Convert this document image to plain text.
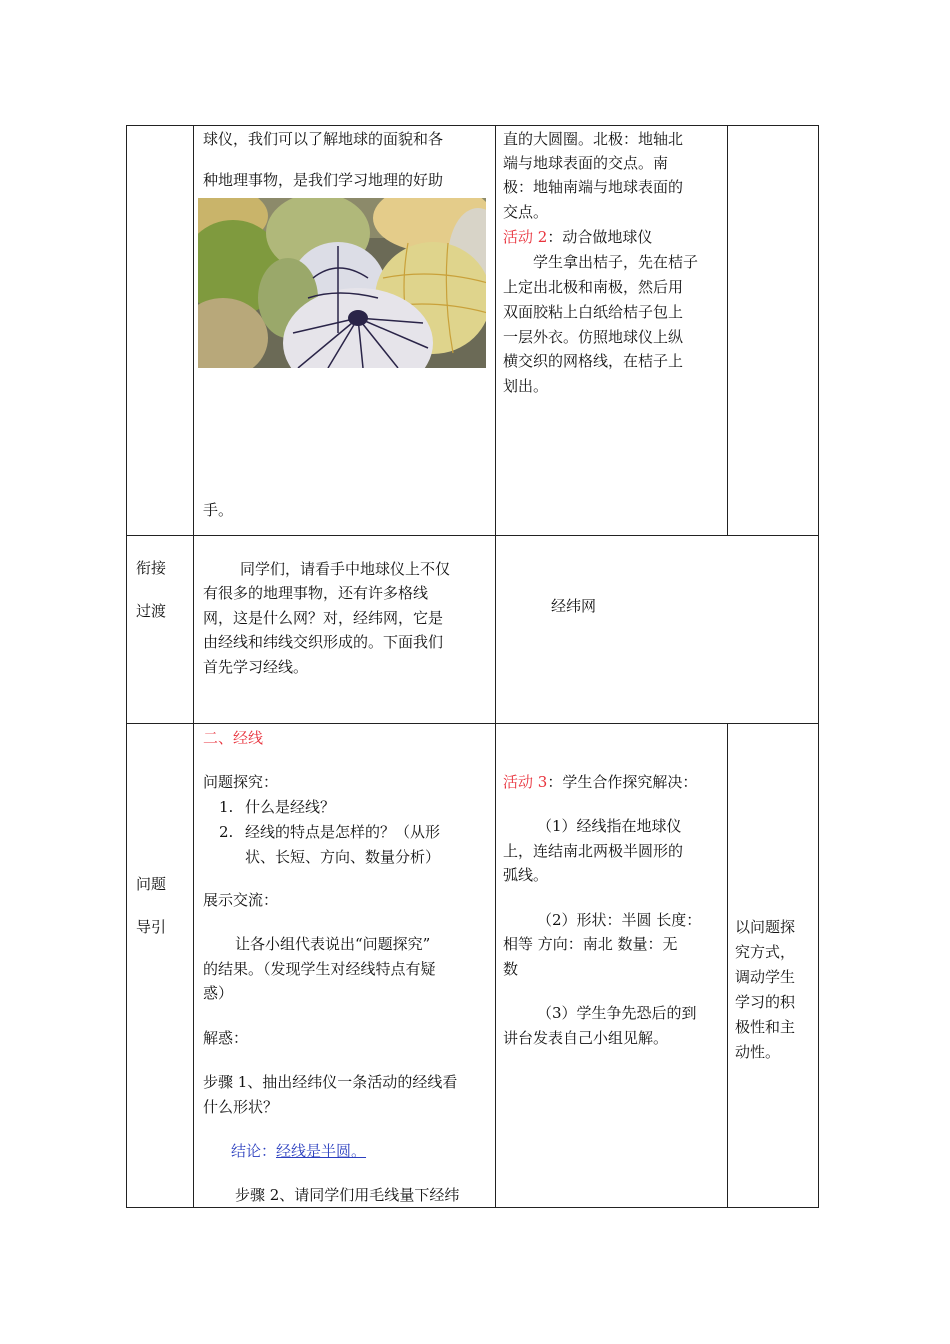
球仪，我们可以了解地球的面貌和各
种地理事物，是我们学习地理的好助
手。
直的大圆圈。北极：地轴北
端与地球表面的交点。南
极：地轴南端与地球表面的
交点。
活动 2：动合做地球仪
学生拿出桔子，先在桔子
上定出北极和南极，然后用
双面胶粘上白纸给桔子包上
一层外衣。仿照地球仪上纵
横交织的网格线，在桔子上
划出。
衔接
过渡
同学们，请看手中地球仪上不仅
有很多的地理事物，还有许多格线
网，这是什么网？对，经纬网，它是
由经线和纬线交织形成的。下面我们
首先学习经线。
经纬网
问题
导引
二、经线
问题探究：
1. 什么是经线？
2. 经线的特点是怎样的？（从形
状、长短、方向、数量分析）
展示交流：
让各小组代表说出“问题探究”
的结果。（发现学生对经线特点有疑
惑）
解惑：
步骤 1、抽出经纬仪一条活动的经线看
什么形状？
结论：经线是半圆。
步骤 2、请同学们用毛线量下经纬
活动 3：学生合作探究解决：
（1）经线指在地球仪
上，连结南北两极半圆形的
弧线。
（2）形状：半圆 长度：
相等 方向：南北 数量：无
数
（3）学生争先恐后的到
讲台发表自己小组见解。
以问题探
究方式，
调动学生
学习的积
极性和主
动性。
